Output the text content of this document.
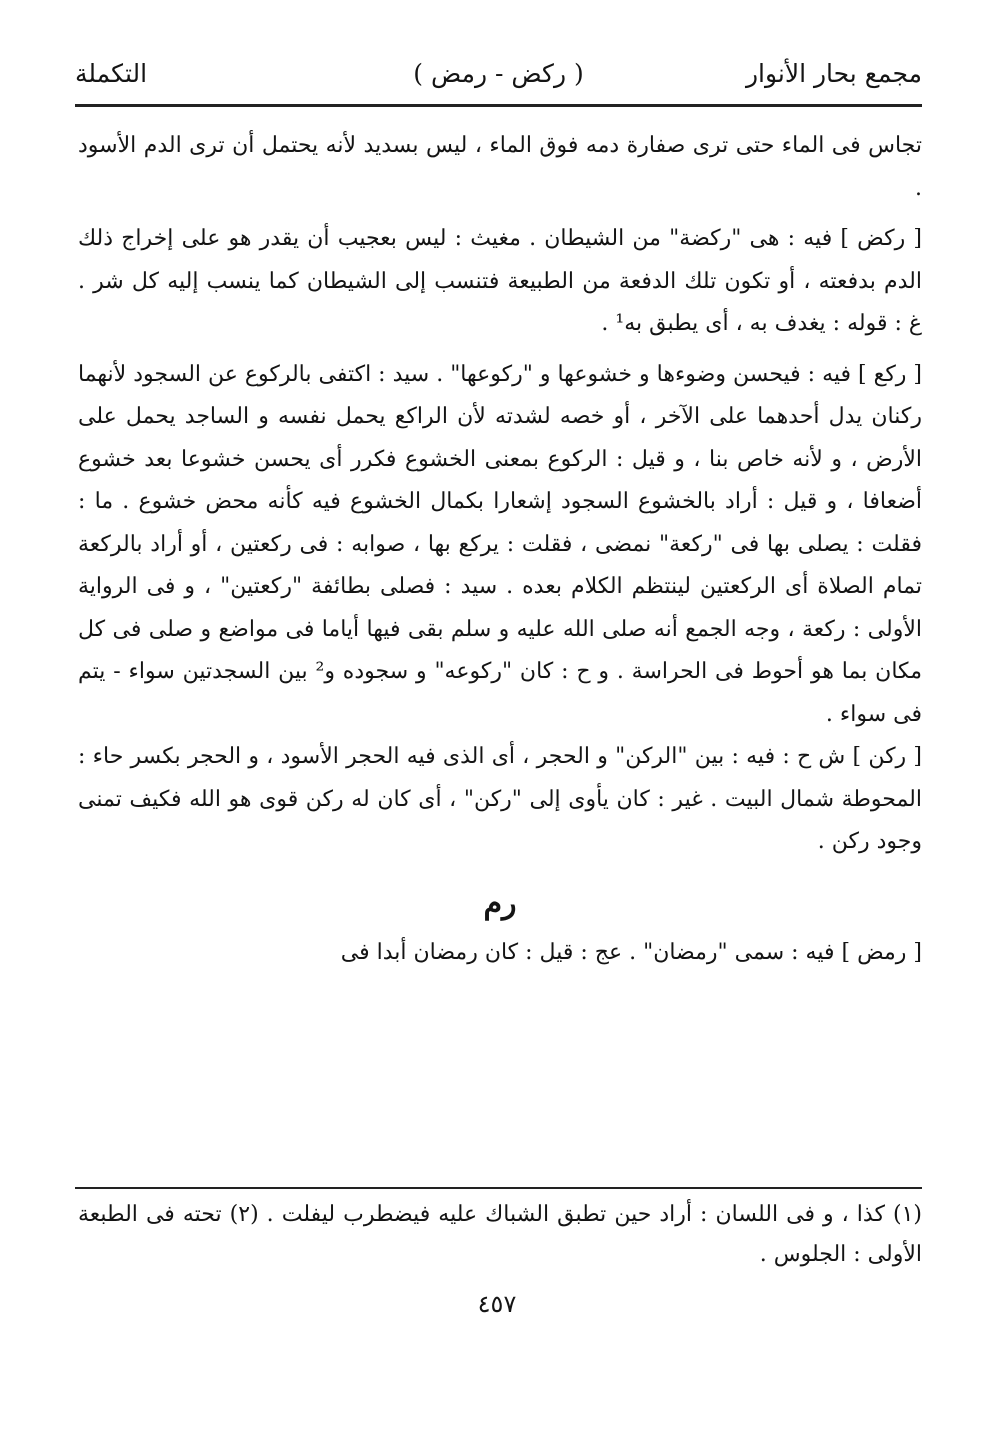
مجمع بحار الأنوار
( ركض - رمض )
التكملة

تجاس فى الماء حتى ترى صفارة دمه فوق الماء ، ليس بسديد لأنه يحتمل أن ترى الدم الأسود .

[ ركض ] فيه : هى "ركضة" من الشيطان . مغيث : ليس بعجيب أن يقدر هو على إخراج ذلك الدم بدفعته ، أو تكون تلك الدفعة من الطبيعة فتنسب إلى الشيطان كما ينسب إليه كل شر . غ : قوله : يغدف به ، أى يطبق به¹ .

[ ركع ] فيه : فيحسن وضوءها و خشوعها و "ركوعها" . سيد : اكتفى بالركوع عن السجود لأنهما ركنان يدل أحدهما على الآخر ، أو خصه لشدته لأن الراكع يحمل نفسه و الساجد يحمل على الأرض ، و لأنه خاص بنا ، و قيل : الركوع بمعنى الخشوع فكرر أى يحسن خشوعا بعد خشوع أضعافا ، و قيل : أراد بالخشوع السجود إشعارا بكمال الخشوع فيه كأنه محض خشوع . ما : فقلت : يصلى بها فى "ركعة" نمضى ، فقلت : يركع بها ، صوابه : فى ركعتين ، أو أراد بالركعة تمام الصلاة أى الركعتين لينتظم الكلام بعده . سيد : فصلى بطائفة "ركعتين" ، و فى الرواية الأولى : ركعة ، وجه الجمع أنه صلى الله عليه و سلم بقى فيها أياما فى مواضع و صلى فى كل مكان بما هو أحوط فى الحراسة . و ح : كان "ركوعه" و سجوده و² بين السجدتين سواء - يتم فى سواء .

[ ركن ] ش ح : فيه : بين "الركن" و الحجر ، أى الذى فيه الحجر الأسود ، و الحجر بكسر حاء : المحوطة شمال البيت . غير : كان يأوى إلى "ركن" ، أى كان له ركن قوى هو الله فكيف تمنى وجود ركن .

رم

[ رمض ] فيه : سمى "رمضان" . عج : قيل : كان رمضان أبدا فى

(١) كذا ، و فى اللسان : أراد حين تطبق الشباك عليه فيضطرب ليفلت . (٢) تحته فى الطبعة الأولى : الجلوس .

٤٥٧
